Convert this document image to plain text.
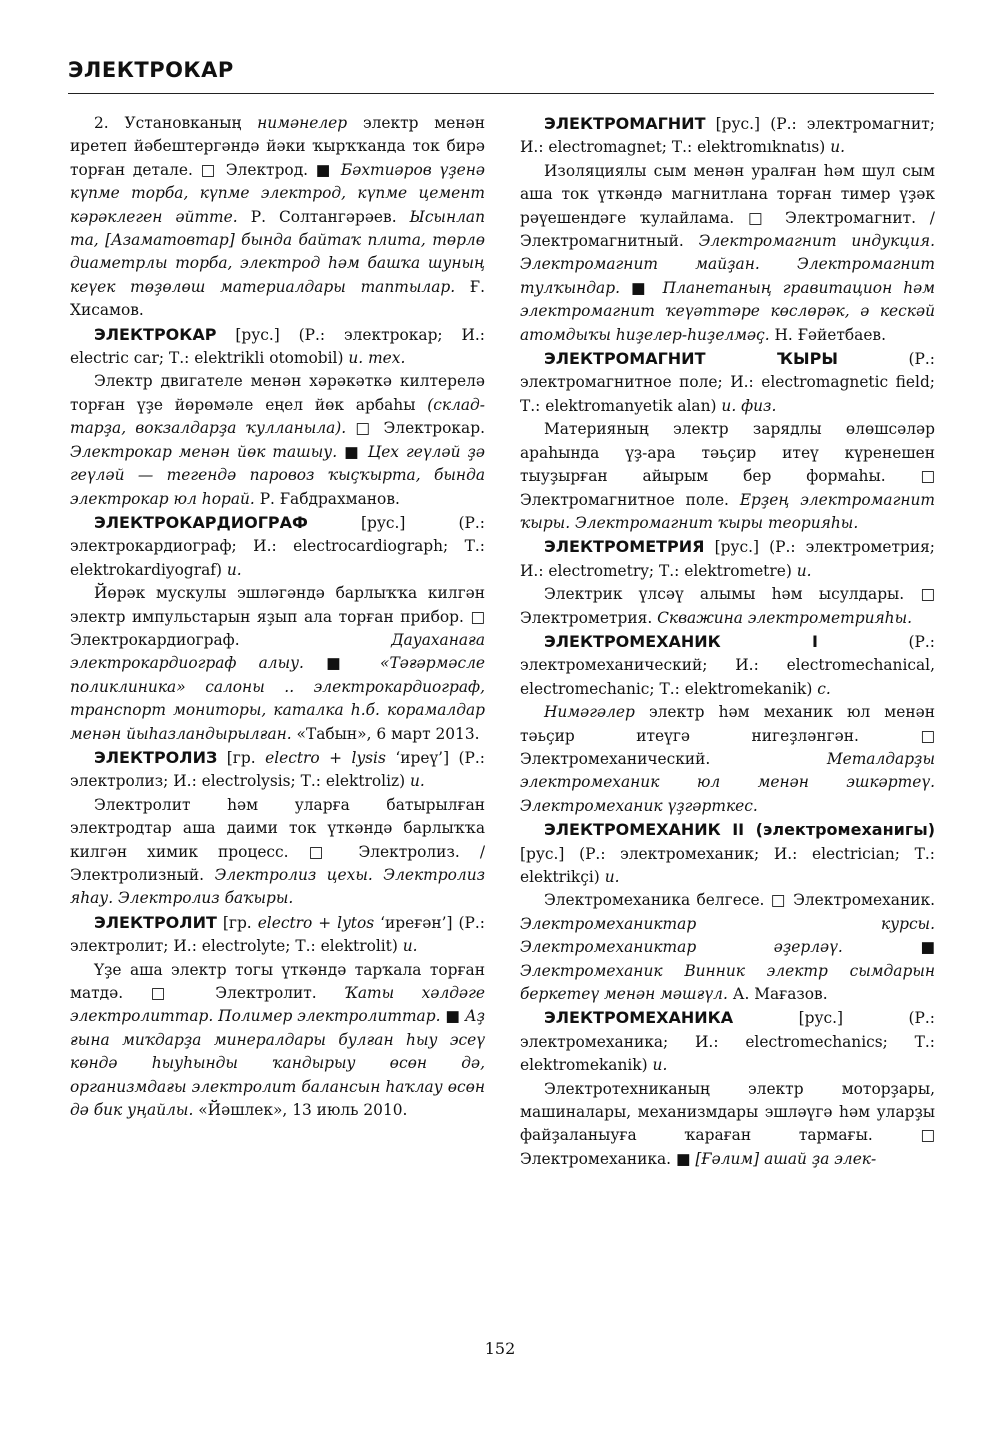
ЭЛЕКТРОКАР

2. Установканың нимәнелер электр менән иретеп йәбештергәндә йәки ҡырҡҡанда ток бирә торған детале. □ Электрод. ■ Бәхтиәров үҙенә күпме торба, күпме электрод, күпме цемент кәрәклеген әйтте. Р. Солтангәрәев. Ысынлап та, [Азаматовтар] бында байтаҡ плита, төрлө диаметрлы торба, электрод һәм башҡа шуның кеүек төҙөлөш материалдары таптылар. Ғ. Хисамов.

ЭЛЕКТРОКАР [рус.] (Р.: электрокар; И.: electric car; Т.: elektrikli otomobil) и. тех.

Электр двигателе менән хәрәкәткә килтерелә торған үҙе йөрөмәле еңел йөк арбаһы (складтарҙа, вокзалдарҙа ҡулланыла). □ Электрокар. Электрокар менән йөк ташыу. ■ Цех геүләй ҙә геүләй — тегендә паровоз ҡыҫҡырта, бында электрокар юл һорай. Р. Ғабдрахманов.

ЭЛЕКТРОКАРДИОГРАФ [рус.] (Р.: электрокардиограф; И.: electrocardiograph; Т.: elektrokardiyograf) и.

Йөрәк мускулы эшләгәндә барлыҡҡа килгән электр импульстарын яҙып ала торған прибор. □ Электрокардиограф. Дауаханаға электрокардиограф алыу. ■ «Тәғәрмәсле поликлиника» салоны .. электрокардиограф, транспорт мониторы, каталка һ.б. корамалдар менән йыһазландырылған. «Табын», 6 март 2013.

ЭЛЕКТРОЛИЗ [гр. electro + lysis ‘иреү’] (Р.: электролиз; И.: electrolysis; Т.: elektroliz) и.

Электролит һәм уларға батырылған электродтар аша даими ток үткәндә барлыҡҡа килгән химик процесс. □ Электролиз. / Электролизный. Электролиз цехы. Электролиз яһау. Электролиз баҡыры.

ЭЛЕКТРОЛИТ [гр. electro + lytos ‘иреғән’] (Р.: электролит; И.: electrolyte; Т.: elektrolit) и.

Үҙе аша электр тогы үткәндә тарҡала торған матдә. □ Электролит. Ҡаты хәлдәге электролиттар. Полимер электролиттар. ■ Аҙ ғына миҡдарҙа минералдары булған һыу эсеү көндә һыуһынды ҡандырыу өсөн дә, организмдағы электролит балансын һаҡлау өсөн дә бик уңайлы. «Йәшлек», 13 июль 2010.

ЭЛЕКТРОМАГНИТ [рус.] (Р.: электромагнит; И.: electromagnet; Т.: elektromıknatıs) и.

Изоляциялы сым менән уралған һәм шул сым аша ток үткәндә магнитлана торған тимер үҙәк рәүешендәге ҡулайлама. □ Электромагнит. / Электромагнитный. Электромагнит индукция. Электромагнит майҙан. Электромагнит тулҡындар. ■ Планетаның гравитацион һәм электромагнит ҡеүәттәре көслөрәк, ә кескәй атомдыҡы һиҙелер-һиҙелмәҫ. Н. Ғәйетбаев.

ЭЛЕКТРОМАГНИТ ҠЫРЫ (Р.: электромагнитное поле; И.: electromagnetic field; Т.: elektromanyetik alan) и. физ.

Материяның электр зарядлы өлөшсәләр араһында үҙ-ара тәьҫир итеү күренешен тыуҙырған айырым бер формаһы. □ Электромагнитное поле. Ерҙең электромагнит ҡыры. Электромагнит ҡыры теорияһы.

ЭЛЕКТРОМЕТРИЯ [рус.] (Р.: электрометрия; И.: electrometry; Т.: elektrometre) и.

Электрик үлсәү алымы һәм ысулдары. □ Электрометрия. Скважина электрометрияһы.

ЭЛЕКТРОМЕХАНИК I (Р.: электромеханический; И.: electromechanical, electromechanic; Т.: elektromekanik) с.

Нимәгәлер электр һәм механик юл менән тәьҫир итеүгә нигеҙләнгән. □ Электромеханический. Металдарҙы электромеханик юл менән эшкәртеү. Электромеханик үҙгәрткес.

ЭЛЕКТРОМЕХАНИК II (электромеханигы) [рус.] (Р.: электромеханик; И.: electrician; Т.: elektrikçi) и.

Электромеханика белгесе. □ Электромеханик. Электромеханиктар курсы. Электромеханиктар әҙерләү.	■ Электромеханик Винник электр сымдарын беркетеү менән мәшғүл. А. Мағазов.

ЭЛЕКТРОМЕХАНИКА [рус.] (Р.: электромеханика; И.: electromechanics; Т.: elektromekanik) и.

Электротехниканың электр моторҙары, машиналары, механизмдары эшләүгә һәм уларҙы файҙаланыуға ҡараған тармағы. □ Электромеханика. ■ [Ғәлим] ашай ҙа элек-

152
